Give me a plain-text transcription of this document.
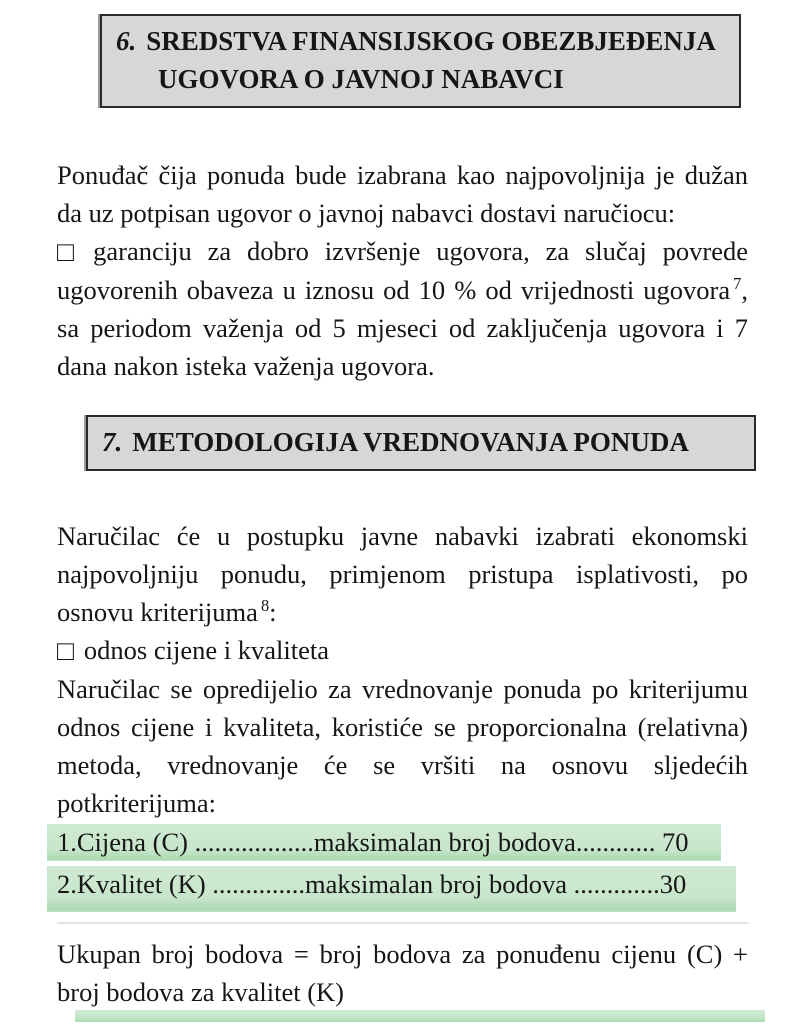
6. SREDSTVA FINANSIJSKOG OBEZBJEĐENJA
UGOVORA O JAVNOJ NABAVCI

Ponuđač čija ponuda bude izabrana kao najpovoljnija je dužan da uz potpisan ugovor o javnoj nabavci dostavi naručiocu:

□ garanciju za dobro izvršenje ugovora, za slučaj povrede ugovorenih obaveza u iznosu od 10 % od vrijednosti ugovora $^7$, sa periodom važenja od 5 mjeseci od zaključenja ugovora i 7 dana nakon isteka važenja ugovora.

7. METODOLOGIJA VREDNOVANJA PONUDA

Naručilac će u postupku javne nabavki izabrati ekonomski najpovoljniju ponudu, primjenom pristupa isplativosti, po osnovu kriterijuma $^8$:

□ odnos cijene i kvaliteta

Naručilac se opredijelio za vrednovanje ponuda po kriterijumu odnos cijene i kvaliteta, koristiće se proporcionalna (relativna) metoda, vrednovanje će se vršiti na osnovu sljedećih potkriterijuma:

1.Cijena (C) ..................maksimalan broj bodova............ 70
2.Kvalitet (K) ..............maksimalan broj bodova .............30

Ukupan broj bodova = broj bodova za ponuđenu cijenu (C) + broj bodova za kvalitet (K)
